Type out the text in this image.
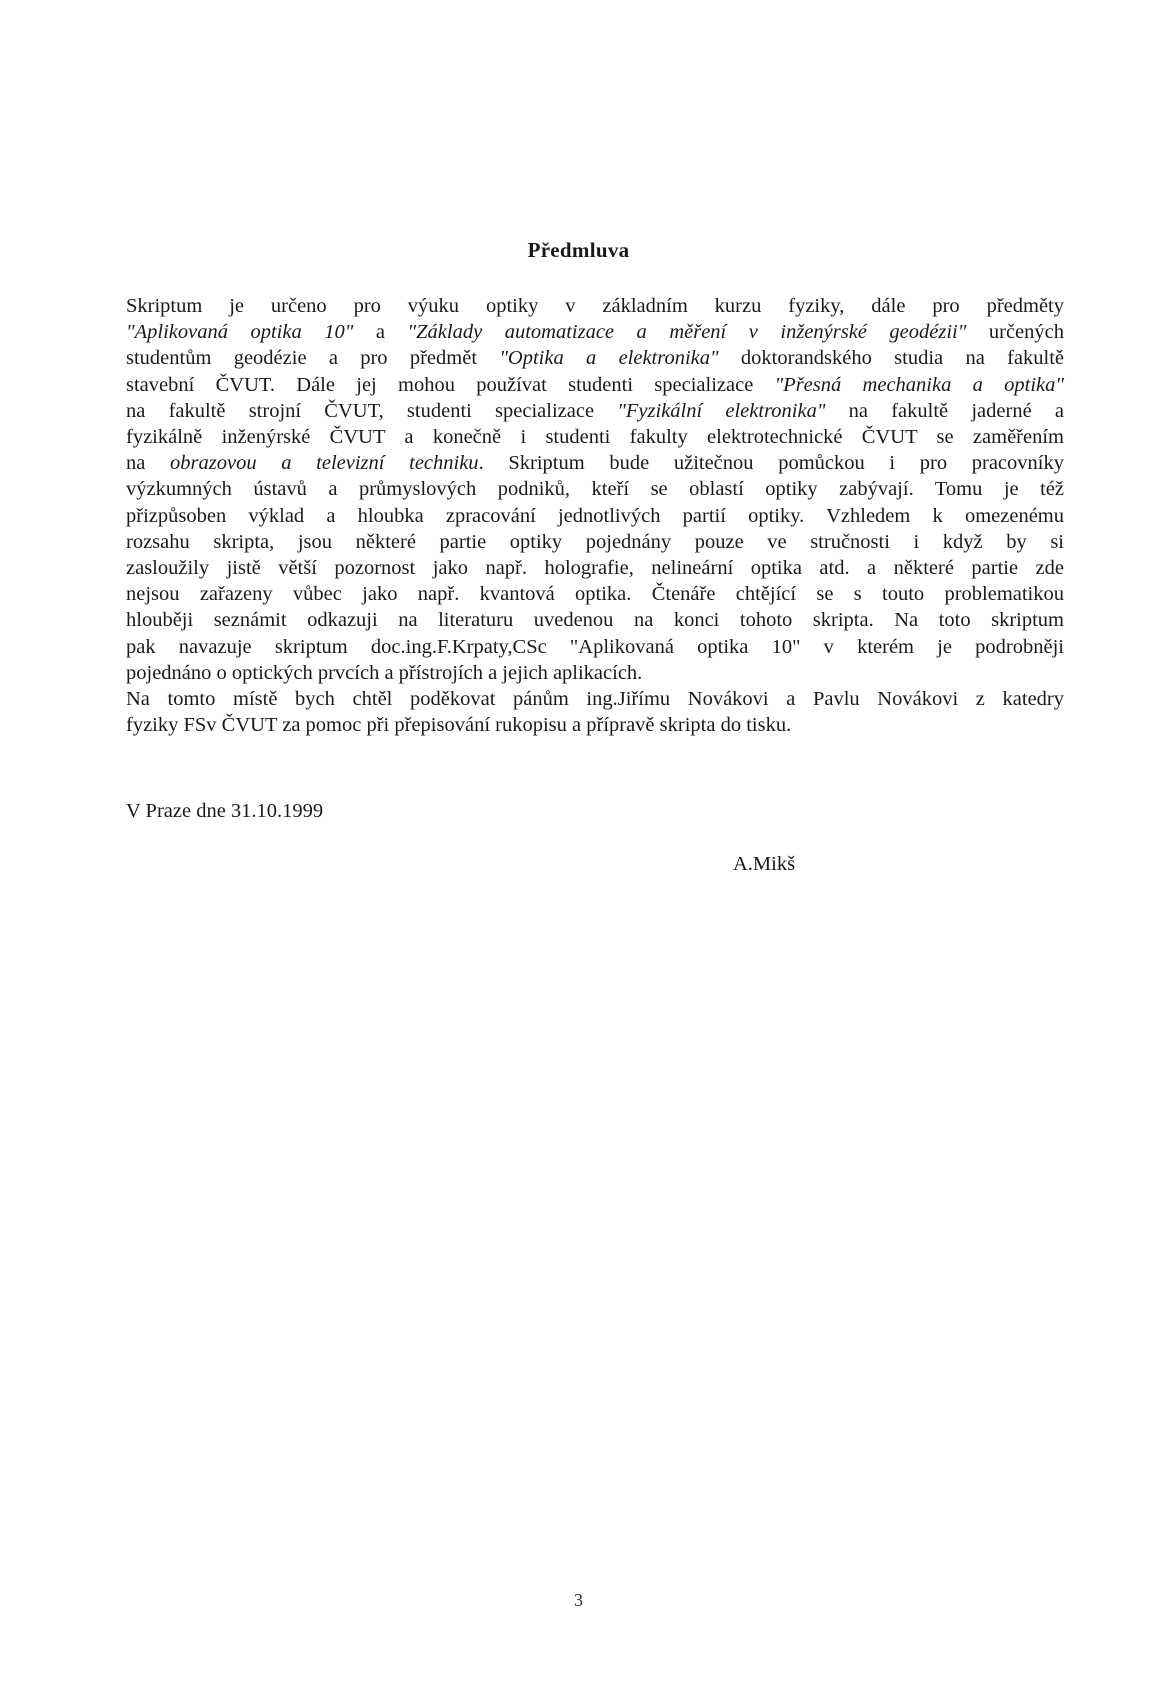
Předmluva
Skriptum je určeno pro výuku optiky v základním kurzu fyziky, dále pro předměty
"Aplikovaná optika 10" a "Základy automatizace a měření v inženýrské geodézii" určených
studentům geodézie a pro předmět "Optika a elektronika" doktorandského studia na fakultě
stavební ČVUT. Dále jej mohou používat studenti specializace "Přesná mechanika a optika"
na fakultě strojní ČVUT, studenti specializace "Fyzikální elektronika" na fakultě jaderné a
fyzikálně inženýrské ČVUT a konečně i studenti fakulty elektrotechnické ČVUT se zaměřením
na obrazovou a televizní techniku. Skriptum bude užitečnou pomůckou i pro pracovníky
výzkumných ústavů a průmyslových podniků, kteří se oblastí optiky zabývají. Tomu je též
přizpůsoben výklad a hloubka zpracování jednotlivých partií optiky. Vzhledem k omezenému
rozsahu skripta, jsou některé partie optiky pojednány pouze ve stručnosti i když by si
zasloužily jistě větší pozornost jako např. holografie, nelineární optika atd. a některé partie zde
nejsou zařazeny vůbec jako např. kvantová optika. Čtenáře chtějící se s touto problematikou
hlouběji seznámit odkazuji na literaturu uvedenou na konci tohoto skripta. Na toto skriptum
pak navazuje skriptum doc.ing.F.Krpaty,CSc "Aplikovaná optika 10" v kterém je podrobněji
pojednáno o optických prvcích a přístrojích a jejich aplikacích.
Na tomto místě bych chtěl poděkovat pánům ing.Jiřímu Novákovi a Pavlu Novákovi z katedry
fyziky FSv ČVUT za pomoc při přepisování rukopisu a přípravě skripta do tisku.
V Praze dne 31.10.1999
A.Mikš
3
